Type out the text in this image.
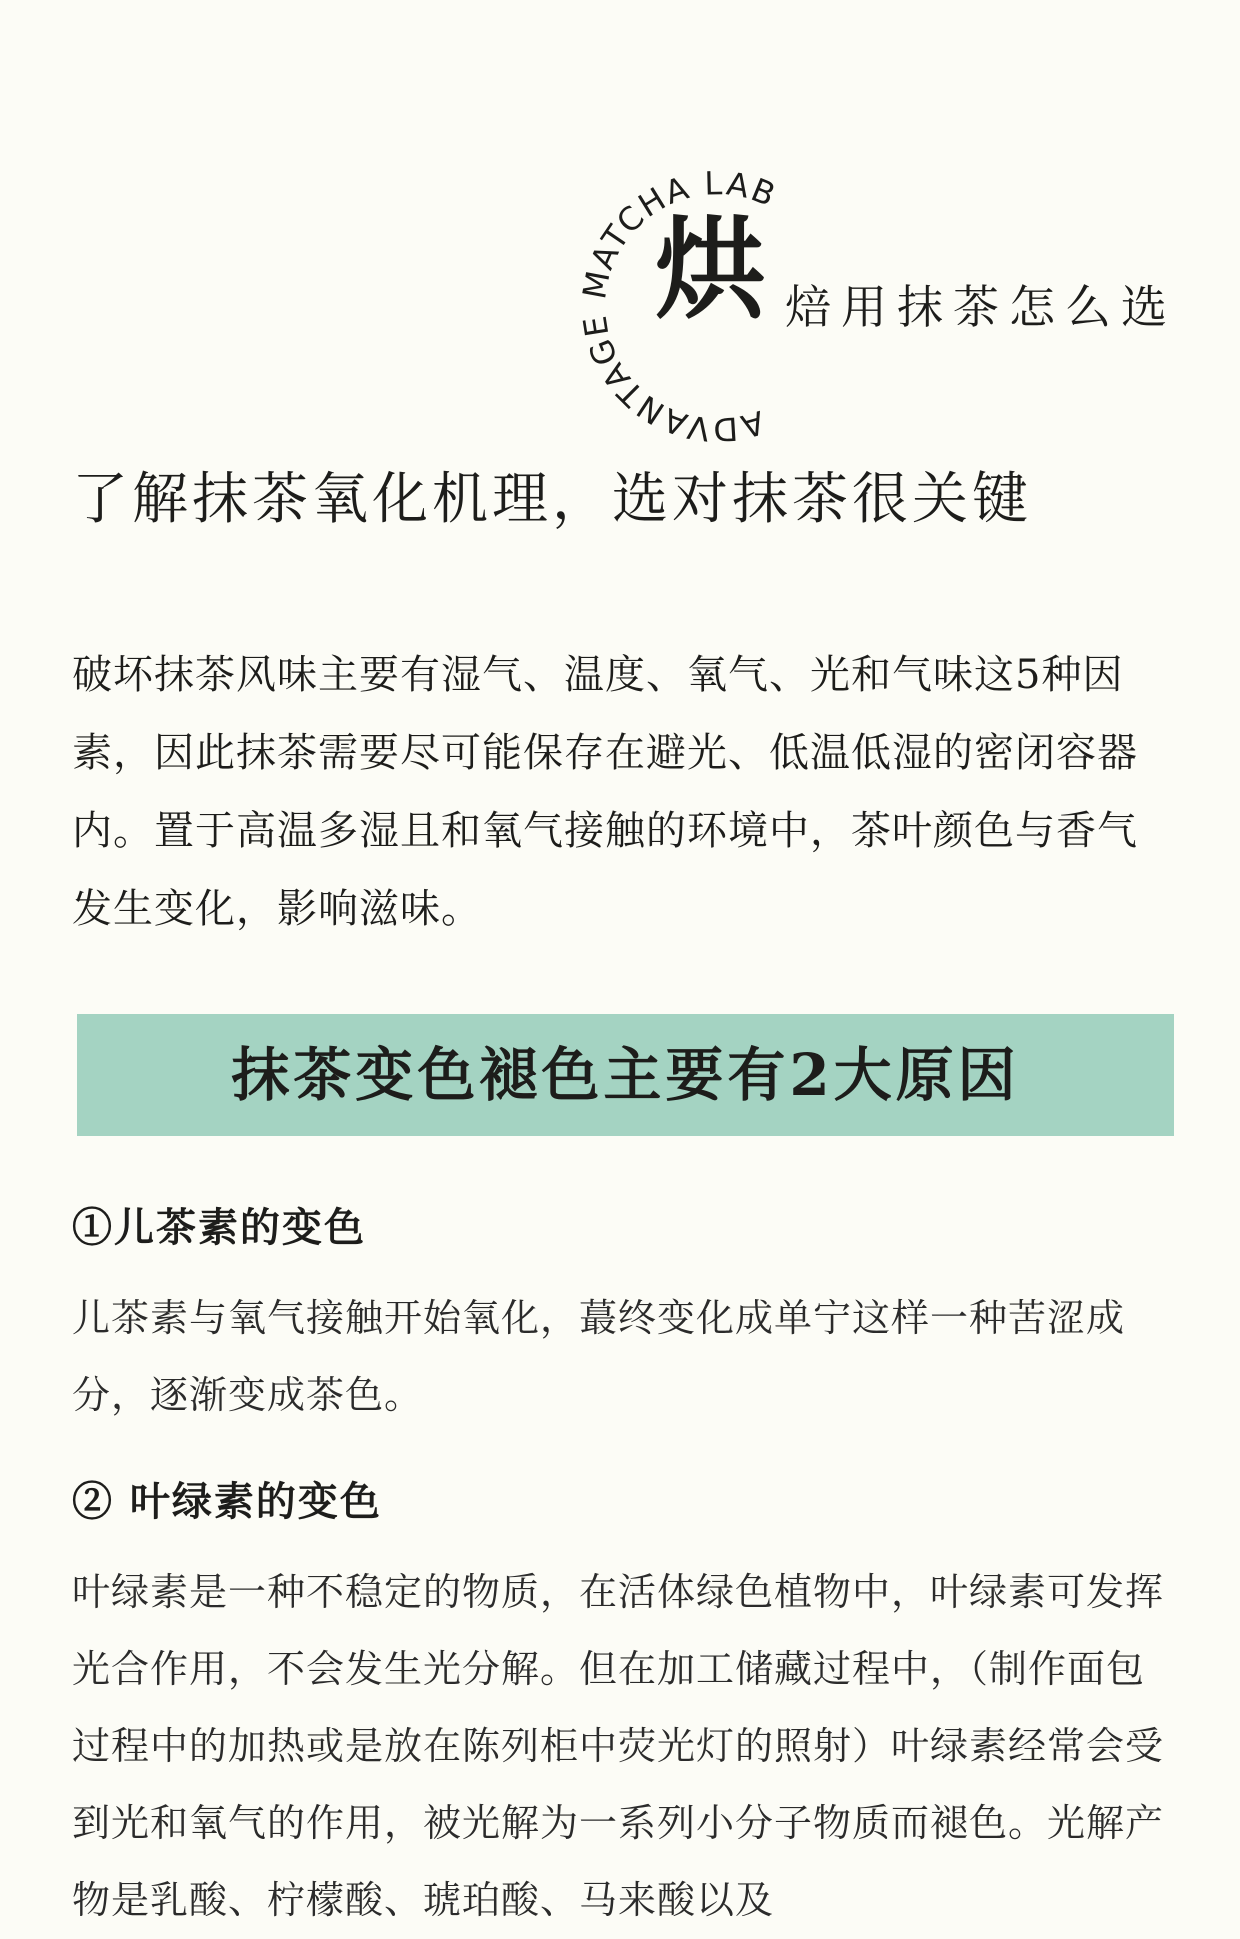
ADVANTAGE MATCHA LAB
烘 焙用抹茶怎么选
了解抹茶氧化机理，选对抹茶很关键
破坏抹茶风味主要有湿气、温度、氧气、光和气味这5种因素，因此抹茶需要尽可能保存在避光、低温低湿的密闭容器内。置于高温多湿且和氧气接触的环境中，茶叶颜色与香气发生变化，影响滋味。
抹茶变色褪色主要有2大原因
①儿茶素的变色
儿茶素与氧气接触开始氧化，蕞终变化成单宁这样一种苦涩成分，逐渐变成茶色。
② 叶绿素的变色
叶绿素是一种不稳定的物质，在活体绿色植物中，叶绿素可发挥光合作用，不会发生光分解。但在加工储藏过程中，（制作面包过程中的加热或是放在陈列柜中荧光灯的照射）叶绿素经常会受到光和氧气的作用，被光解为一系列小分子物质而褪色。光解产物是乳酸、柠檬酸、琥珀酸、马来酸以及
